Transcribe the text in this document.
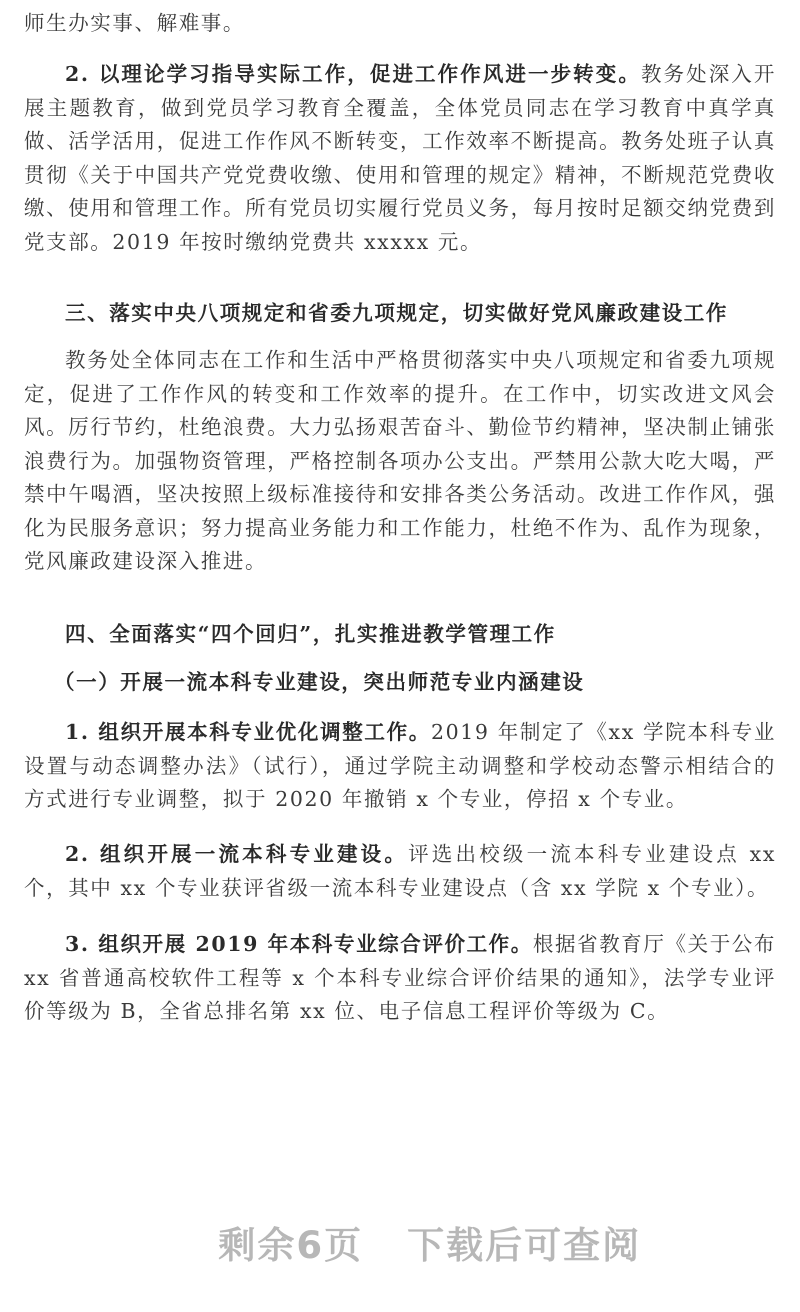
师生办实事、解难事。

2. 以理论学习指导实际工作，促进工作作风进一步转变。教务处深入开展主题教育，做到党员学习教育全覆盖，全体党员同志在学习教育中真学真做、活学活用，促进工作作风不断转变，工作效率不断提高。教务处班子认真贯彻《关于中国共产党党费收缴、使用和管理的规定》精神，不断规范党费收缴、使用和管理工作。所有党员切实履行党员义务，每月按时足额交纳党费到党支部。2019 年按时缴纳党费共 xxxxx 元。

三、落实中央八项规定和省委九项规定，切实做好党风廉政建设工作

教务处全体同志在工作和生活中严格贯彻落实中央八项规定和省委九项规定，促进了工作作风的转变和工作效率的提升。在工作中，切实改进文风会风。厉行节约，杜绝浪费。大力弘扬艰苦奋斗、勤俭节约精神，坚决制止铺张浪费行为。加强物资管理，严格控制各项办公支出。严禁用公款大吃大喝，严禁中午喝酒，坚决按照上级标准接待和安排各类公务活动。改进工作作风，强化为民服务意识；努力提高业务能力和工作能力，杜绝不作为、乱作为现象，党风廉政建设深入推进。

四、全面落实“四个回归”，扎实推进教学管理工作

（一）开展一流本科专业建设，突出师范专业内涵建设

1. 组织开展本科专业优化调整工作。2019 年制定了《xx 学院本科专业设置与动态调整办法》（试行），通过学院主动调整和学校动态警示相结合的方式进行专业调整，拟于 2020 年撤销 x 个专业，停招 x 个专业。

2. 组织开展一流本科专业建设。评选出校级一流本科专业建设点 xx 个，其中 xx 个专业获评省级一流本科专业建设点（含 xx 学院 x 个专业）。

3. 组织开展 2019 年本科专业综合评价工作。根据省教育厅《关于公布 xx 省普通高校软件工程等 x 个本科专业综合评价结果的通知》，法学专业评价等级为 B，全省总排名第 xx 位、电子信息工程评价等级为 C。

剩余6页 下载后可查阅
